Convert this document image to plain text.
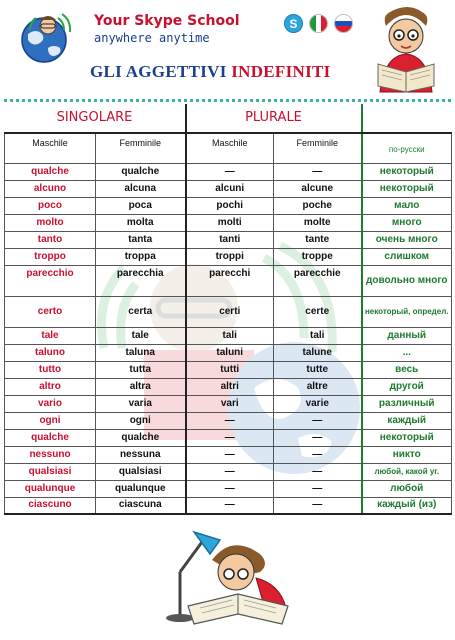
Your Skype School
anywhere anytime
S
GLI AGGETTIVI INDEFINITI
SINGOLARE		PLURALE		
Maschile	Femminile	Maschile	Femminile	по-русски
qualche	qualche	—	—	некоторый
alcuno	alcuna	alcuni	alcune	некоторый
poco	poca	pochi	poche	мало
molto	molta	molti	molte	много
tanto	tanta	tanti	tante	очень много
troppo	troppa	troppi	troppe	слишком
parecchio	parecchia	parecchi	parecchie	довольно много
certo	certa	certi	certe	некоторый, определ.
tale	tale	tali	tali	данный
taluno	taluna	taluni	talune	...
tutto	tutta	tutti	tutte	весь
altro	altra	altri	altre	другой
vario	varia	vari	varie	различный
ogni	ogni	—	—	каждый
qualche	qualche	—	—	некоторый
nessuno	nessuna	—	—	никто
qualsiasi	qualsiasi	—	—	любой, какой уг.
qualunque	qualunque	—	—	любой
ciascuno	ciascuna	—	—	каждый (из)
